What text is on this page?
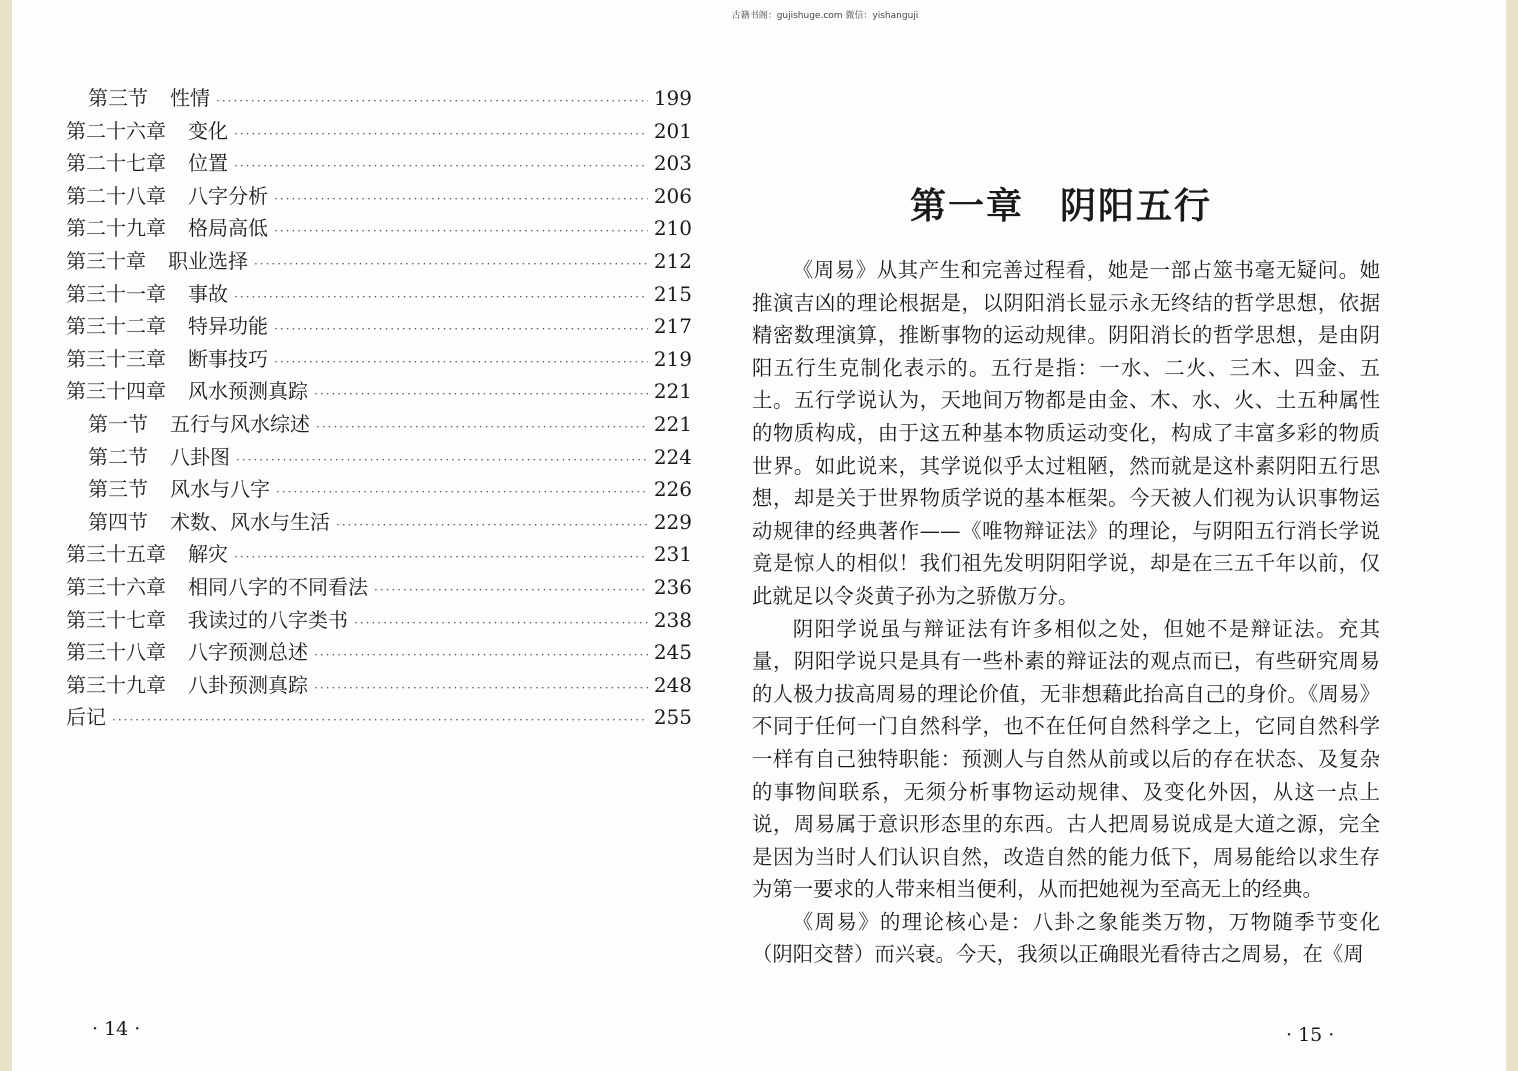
古籍书阁：gujishuge.com 微信：yishanguji
第三节 性情 ·····	199
第二十六章 变化 ·····	201
第二十七章 位置 ·····	203
第二十八章 八字分析 ·····	206
第二十九章 格局高低 ·····	210
第三十章 职业选择 ·····	212
第三十一章 事故 ·····	215
第三十二章 特异功能 ·····	217
第三十三章 断事技巧 ·····	219
第三十四章 风水预测真踪 ·····	221
第一节 五行与风水综述 ·····	221
第二节 八卦图 ·····	224
第三节 风水与八字 ·····	226
第四节 术数、风水与生活 ·····	229
第三十五章 解灾 ·····	231
第三十六章 相同八字的不同看法 ·····	236
第三十七章 我读过的八字类书 ·····	238
第三十八章 八字预测总述 ·····	245
第三十九章 八卦预测真踪 ·····	248
后记 ·····	255
· 14 ·
第一章 阴阳五行

《周易》从其产生和完善过程看，她是一部占筮书毫无疑问。她推演吉凶的理论根据是，以阴阳消长显示永无终结的哲学思想，依据精密数理演算，推断事物的运动规律。阴阳消长的哲学思想，是由阴阳五行生克制化表示的。五行是指：一水、二火、三木、四金、五土。五行学说认为，天地间万物都是由金、木、水、火、土五种属性的物质构成，由于这五种基本物质运动变化，构成了丰富多彩的物质世界。如此说来，其学说似乎太过粗陋，然而就是这朴素阴阳五行思想，却是关于世界物质学说的基本框架。今天被人们视为认识事物运动规律的经典著作——《唯物辩证法》的理论，与阴阳五行消长学说竟是惊人的相似！我们祖先发明阴阳学说，却是在三五千年以前，仅此就足以令炎黄子孙为之骄傲万分。

阴阳学说虽与辩证法有许多相似之处，但她不是辩证法。充其量，阴阳学说只是具有一些朴素的辩证法的观点而已，有些研究周易的人极力拔高周易的理论价值，无非想藉此抬高自己的身价。《周易》不同于任何一门自然科学，也不在任何自然科学之上，它同自然科学一样有自己独特职能：预测人与自然从前或以后的存在状态、及复杂的事物间联系，无须分析事物运动规律、及变化外因，从这一点上说，周易属于意识形态里的东西。古人把周易说成是大道之源，完全是因为当时人们认识自然，改造自然的能力低下，周易能给以求生存为第一要求的人带来相当便利，从而把她视为至高无上的经典。

《周易》的理论核心是：八卦之象能类万物，万物随季节变化（阴阳交替）而兴衰。今天，我须以正确眼光看待古之周易，在《周

· 15 ·
